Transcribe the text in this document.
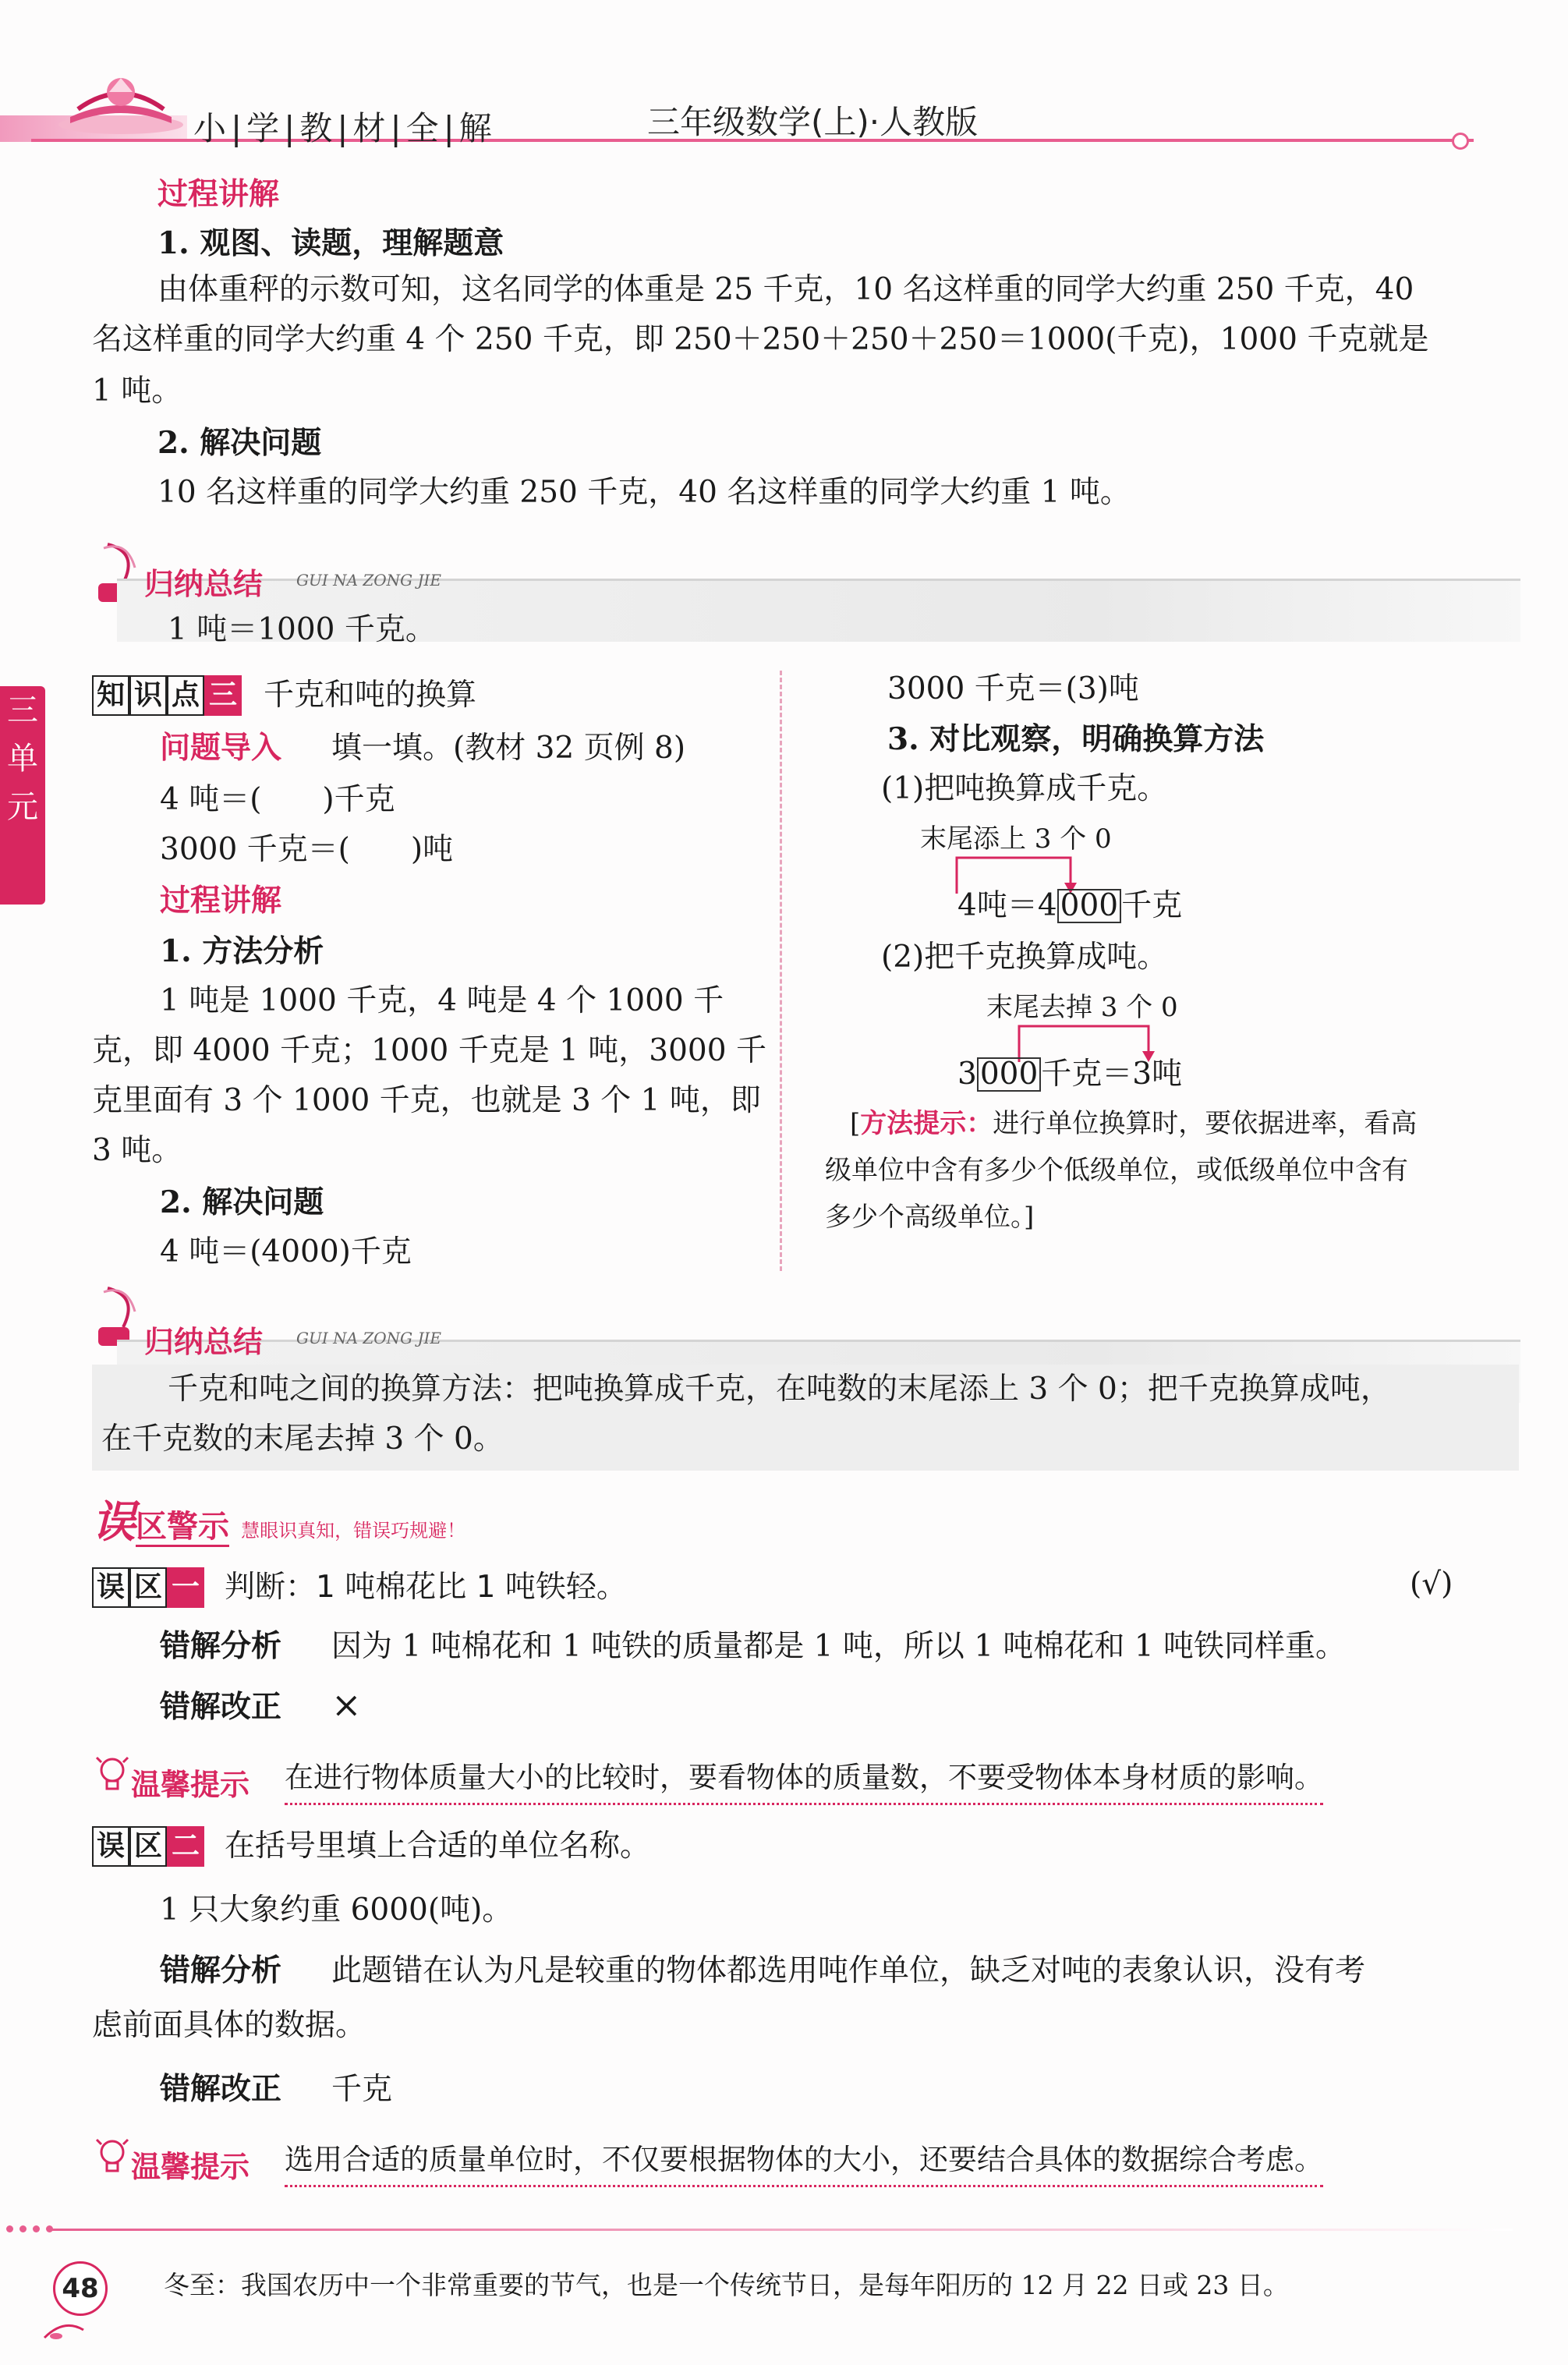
小|学|教|材|全|解	三年级数学(上)·人教版
三
单
元
过程讲解
1. 观图、读题，理解题意
由体重秤的示数可知，这名同学的体重是 25 千克，10 名这样重的同学大约重 250 千克，40
名这样重的同学大约重 4 个 250 千克，即 250＋250＋250＋250＝1000(千克)，1000 千克就是
1 吨。
2. 解决问题
10 名这样重的同学大约重 250 千克，40 名这样重的同学大约重 1 吨。
归纳总结 GUI NA ZONG JIE
1 吨＝1000 千克。
知 识 点 三 千克和吨的换算
问题导入 填一填。(教材 32 页例 8)
4 吨＝(　　)千克
3000 千克＝(　　)吨
过程讲解
1. 方法分析
1 吨是 1000 千克，4 吨是 4 个 1000 千
克，即 4000 千克；1000 千克是 1 吨，3000 千
克里面有 3 个 1000 千克，也就是 3 个 1 吨，即
3 吨。
2. 解决问题
4 吨＝(4000)千克
3000 千克＝(3)吨
3. 对比观察，明确换算方法
(1)把吨换算成千克。
末尾添上 3 个 0
4吨＝4 000 千克
(2)把千克换算成吨。
末尾去掉 3 个 0
3 000 千克＝3吨
[方法提示：进行单位换算时，要依据进率，看高
级单位中含有多少个低级单位，或低级单位中含有
多少个高级单位。]
归纳总结 GUI NA ZONG JIE
千克和吨之间的换算方法：把吨换算成千克，在吨数的末尾添上 3 个 0；把千克换算成吨，
在千克数的末尾去掉 3 个 0。
误区警示 慧眼识真知，错误巧规避！
误 区 一 判断：1 吨棉花比 1 吨铁轻。	(√)
错解分析 因为 1 吨棉花和 1 吨铁的质量都是 1 吨，所以 1 吨棉花和 1 吨铁同样重。
错解改正 ×
温馨提示 在进行物体质量大小的比较时，要看物体的质量数，不要受物体本身材质的影响。
误 区 二 在括号里填上合适的单位名称。
1 只大象约重 6000(吨)。
错解分析 此题错在认为凡是较重的物体都选用吨作单位，缺乏对吨的表象认识，没有考
虑前面具体的数据。
错解改正 千克
温馨提示 选用合适的质量单位时，不仅要根据物体的大小，还要结合具体的数据综合考虑。
48	冬至：我国农历中一个非常重要的节气，也是一个传统节日，是每年阳历的 12 月 22 日或 23 日。
